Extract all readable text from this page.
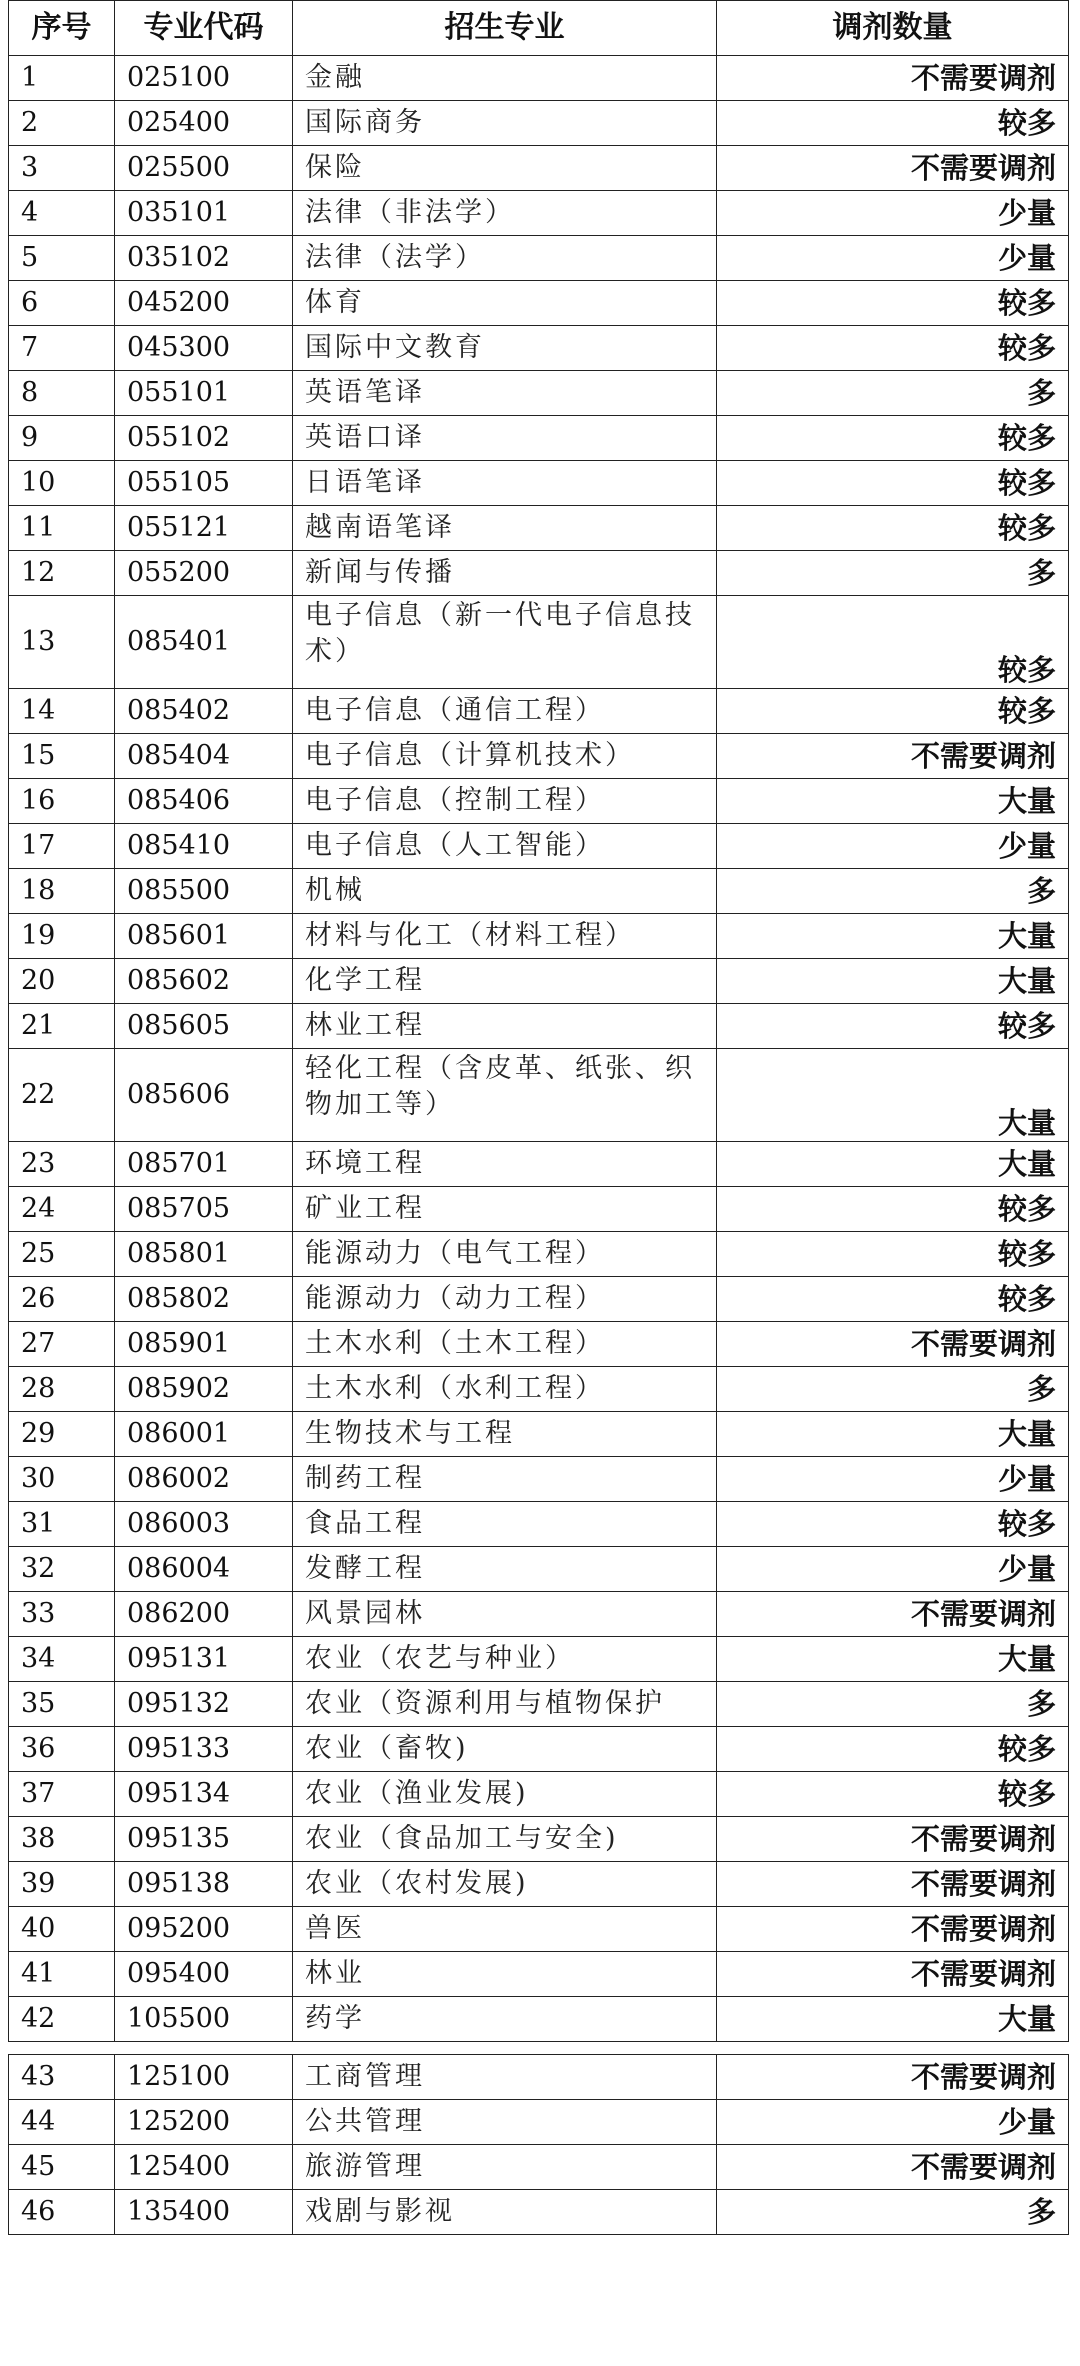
序号	专业代码	招生专业	调剂数量
1	025100	金融	不需要调剂
2	025400	国际商务	较多
3	025500	保险	不需要调剂
4	035101	法律（非法学）	少量
5	035102	法律（法学）	少量
6	045200	体育	较多
7	045300	国际中文教育	较多
8	055101	英语笔译	多
9	055102	英语口译	较多
10	055105	日语笔译	较多
11	055121	越南语笔译	较多
12	055200	新闻与传播	多
13	085401	电子信息（新一代电子信息技术）	较多
14	085402	电子信息（通信工程）	较多
15	085404	电子信息（计算机技术）	不需要调剂
16	085406	电子信息（控制工程）	大量
17	085410	电子信息（人工智能）	少量
18	085500	机械	多
19	085601	材料与化工（材料工程）	大量
20	085602	化学工程	大量
21	085605	林业工程	较多
22	085606	轻化工程（含皮革、纸张、织物加工等）	大量
23	085701	环境工程	大量
24	085705	矿业工程	较多
25	085801	能源动力（电气工程）	较多
26	085802	能源动力（动力工程）	较多
27	085901	土木水利（土木工程）	不需要调剂
28	085902	土木水利（水利工程）	多
29	086001	生物技术与工程	大量
30	086002	制药工程	少量
31	086003	食品工程	较多
32	086004	发酵工程	少量
33	086200	风景园林	不需要调剂
34	095131	农业（农艺与种业）	大量
35	095132	农业（资源利用与植物保护	多
36	095133	农业（畜牧)	较多
37	095134	农业（渔业发展)	较多
38	095135	农业（食品加工与安全)	不需要调剂
39	095138	农业（农村发展)	不需要调剂
40	095200	兽医	不需要调剂
41	095400	林业	不需要调剂
42	105500	药学	大量
43	125100	工商管理	不需要调剂
44	125200	公共管理	少量
45	125400	旅游管理	不需要调剂
46	135400	戏剧与影视	多
